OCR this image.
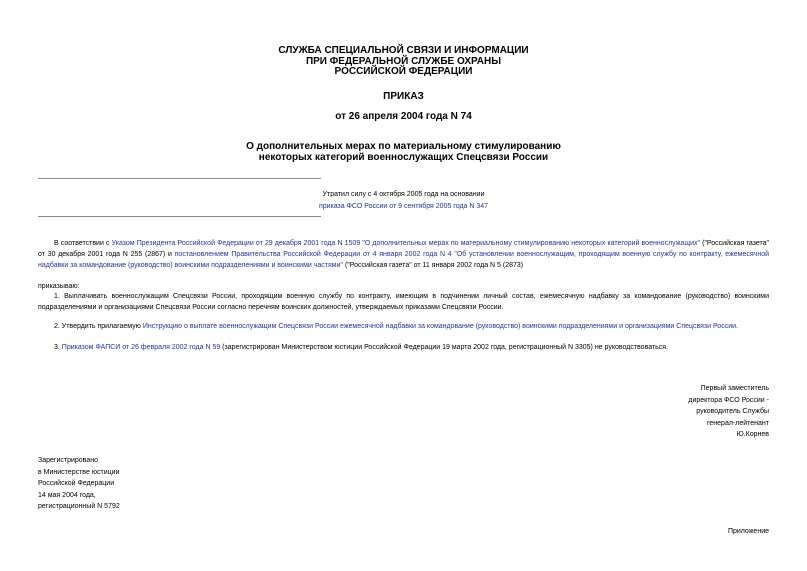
СЛУЖБА СПЕЦИАЛЬНОЙ СВЯЗИ И ИНФОРМАЦИИ
ПРИ ФЕДЕРАЛЬНОЙ СЛУЖБЕ ОХРАНЫ
РОССИЙСКОЙ ФЕДЕРАЦИИ
ПРИКАЗ
от 26 апреля 2004 года N 74
О дополнительных мерах по материальному стимулированию
некоторых категорий военнослужащих Спецсвязи России
Утратил силу с 4 октября 2005 года на основании
приказа ФСО России от 9 сентября 2005 года N 347
В соответствии с Указом Президента Российской Федерации от 29 декабря 2001 года N 1509 "О дополнительных мерах по материальному стимулированию некоторых категорий военнослужащих" ("Российская газета" от 30 декабря 2001 года N 255 (2867) и постановлением Правительства Российской Федерации от 4 января 2002 года N 4 "Об установлении военнослужащим, проходящим военную службу по контракту, ежемесячной надбавки за командование (руководство) воинскими подразделениями и воинскими частями" ("Российская газета" от 11 января 2002 года N 5 (2873)
приказываю:
1. Выплачивать военнослужащим Спецсвязи России, проходящим военную службу по контракту, имеющим в подчинении личный состав, ежемесячную надбавку за командование (руководство) воинскими подразделениями и организациями Спецсвязи России согласно перечням воинских должностей, утверждаемых приказами Спецсвязи России.
2. Утвердить прилагаемую Инструкцию о выплате военнослужащим Спецсвязи России ежемесячной надбавки за командование (руководство) воинскими подразделениями и организациями Спецсвязи России.
3. Приказом ФАПСИ от 26 февраля 2002 года N 59 (зарегистрирован Министерством юстиции Российской Федерации 19 марта 2002 года, регистрационный N 3305) не руководствоваться.
Первый заместитель
директора ФСО России -
руководитель Службы
генерал-лейтенант
Ю.Корнев
Зарегистрировано
в Министерстве юстиции
Российской Федерации
14 мая 2004 года,
регистрационный N 5792
Приложение
